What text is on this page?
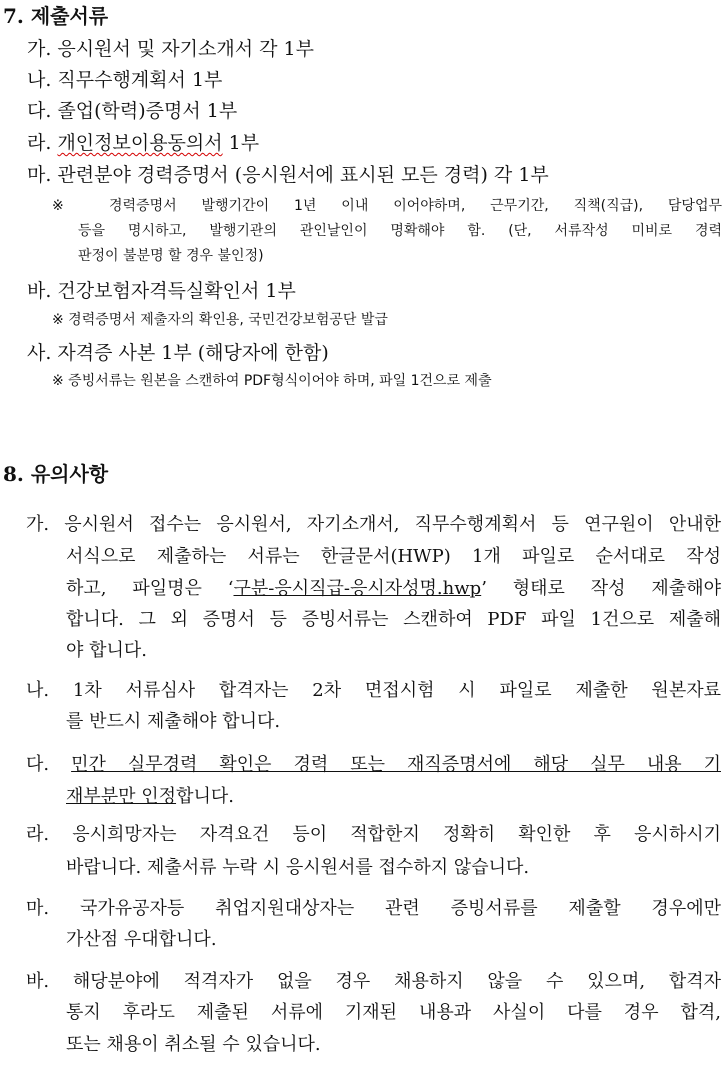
7. 제출서류
가. 응시원서 및 자기소개서 각 1부
나. 직무수행계획서 1부
다. 졸업(학력)증명서 1부
라. 개인정보이용동의서 1부
마. 관련분야 경력증명서 (응시원서에 표시된 모든 경력) 각 1부
※ 경력증명서 발행기간이 1년 이내 이어야하며, 근무기간, 직책(직급), 담당업무
등을 명시하고, 발행기관의 관인날인이 명확해야 함. (단, 서류작성 미비로 경력
판정이 불분명 할 경우 불인정)
바. 건강보험자격득실확인서 1부
※ 경력증명서 제출자의 확인용, 국민건강보험공단 발급
사. 자격증 사본 1부 (해당자에 한함)
※ 증빙서류는 원본을 스캔하여 PDF형식이어야 하며, 파일 1건으로 제출
8. 유의사항
가. 응시원서 접수는 응시원서, 자기소개서, 직무수행계획서 등 연구원이 안내한
서식으로 제출하는 서류는 한글문서(HWP) 1개 파일로 순서대로 작성
하고, 파일명은 ‘구분-응시직급-응시자성명.hwp’ 형태로 작성 제출해야
합니다. 그 외 증명서 등 증빙서류는 스캔하여 PDF 파일 1건으로 제출해
야 합니다.
나. 1차 서류심사 합격자는 2차 면접시험 시 파일로 제출한 원본자료
를 반드시 제출해야 합니다.
다. 민간 실무경력 확인은 경력 또는 재직증명서에 해당 실무 내용 기
재부분만 인정합니다.
라. 응시희망자는 자격요건 등이 적합한지 정확히 확인한 후 응시하시기
바랍니다. 제출서류 누락 시 응시원서를 접수하지 않습니다.
마. 국가유공자등 취업지원대상자는 관련 증빙서류를 제출할 경우에만
가산점 우대합니다.
바. 해당분야에 적격자가 없을 경우 채용하지 않을 수 있으며, 합격자
통지 후라도 제출된 서류에 기재된 내용과 사실이 다를 경우 합격,
또는 채용이 취소될 수 있습니다.
